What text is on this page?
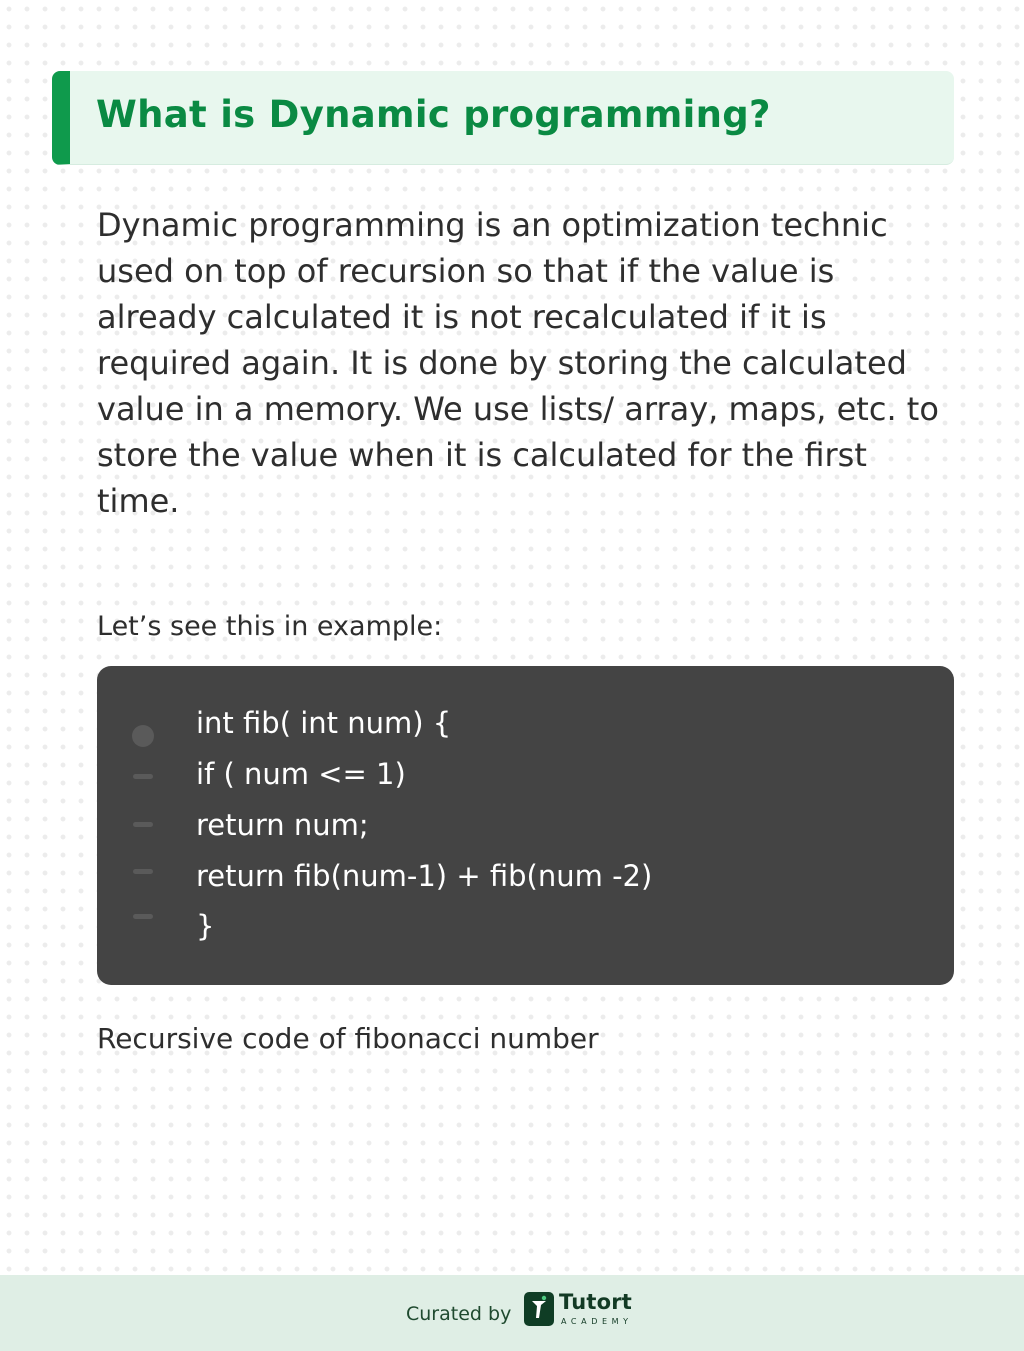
What is Dynamic programming?
Dynamic programming is an optimization technic used on top of recursion so that if the value is already calculated it is not recalculated if it is required again. It is done by storing the calculated value in a memory. We use lists/ array, maps, etc. to store the value when it is calculated for the first time.
Let’s see this in example:
int fib( int num) {
if ( num <= 1)
return num;
return fib(num-1) + fib(num -2)
}
Recursive code of fibonacci number
Curated by Tutort
ACADEMY
